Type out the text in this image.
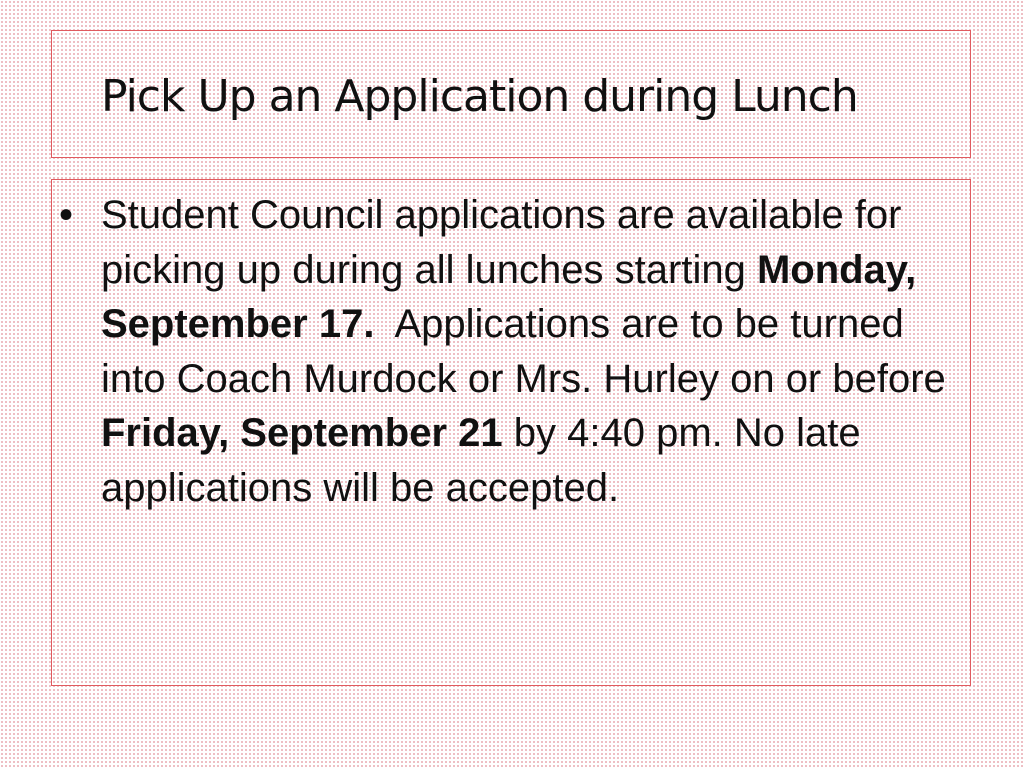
Pick Up an Application during Lunch
• Student Council applications are available for picking up during all lunches starting Monday, September 17.  Applications are to be turned into Coach Murdock or Mrs. Hurley on or before Friday, September 21 by 4:40 pm. No late applications will be accepted.
